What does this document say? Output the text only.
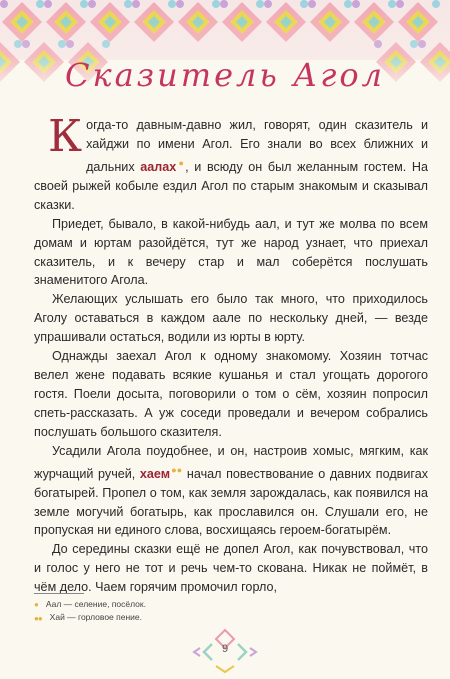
Сказитель Агол

Когда-то давным-давно жил, говорят, один сказитель и хайджи по имени Агол. Его знали во всех ближних и дальних аалах●, и всюду он был желанным гостем. На своей рыжей кобыле ездил Агол по старым знакомым и сказывал сказки.

Приедет, бывало, в какой-нибудь аал, и тут же молва по всем домам и юртам разойдётся, тут же народ узнает, что приехал сказитель, и к вечеру стар и мал соберётся послушать знаменитого Агола.

Желающих услышать его было так много, что приходилось Аголу оставаться в каждом аале по нескольку дней, — везде упрашивали остаться, водили из юрты в юрту.

Однажды заехал Агол к одному знакомому. Хозяин тотчас велел жене подавать всякие кушанья и стал угощать дорогого гостя. Поели досыта, поговорили о том о сём, хозяин попросил спеть-рассказать. А уж соседи проведали и вечером собрались послушать большого сказителя.

Усадили Агола поудобнее, и он, настроив хомыс, мягким, как журчащий ручей, хаем●● начал повествование о давних подвигах богатырей. Пропел о том, как земля зарождалась, как появился на земле могучий богатырь, как прославился он. Слушали его, не пропуская ни единого слова, восхищаясь героем-богатырём.

До середины сказки ещё не допел Агол, как почувствовал, что и голос у него не тот и речь чем-то скована. Никак не поймёт, в чём дело. Чаем горячим промочил горло,

● Аал — селение, посёлок.
●● Хай — горловое пение.
9
